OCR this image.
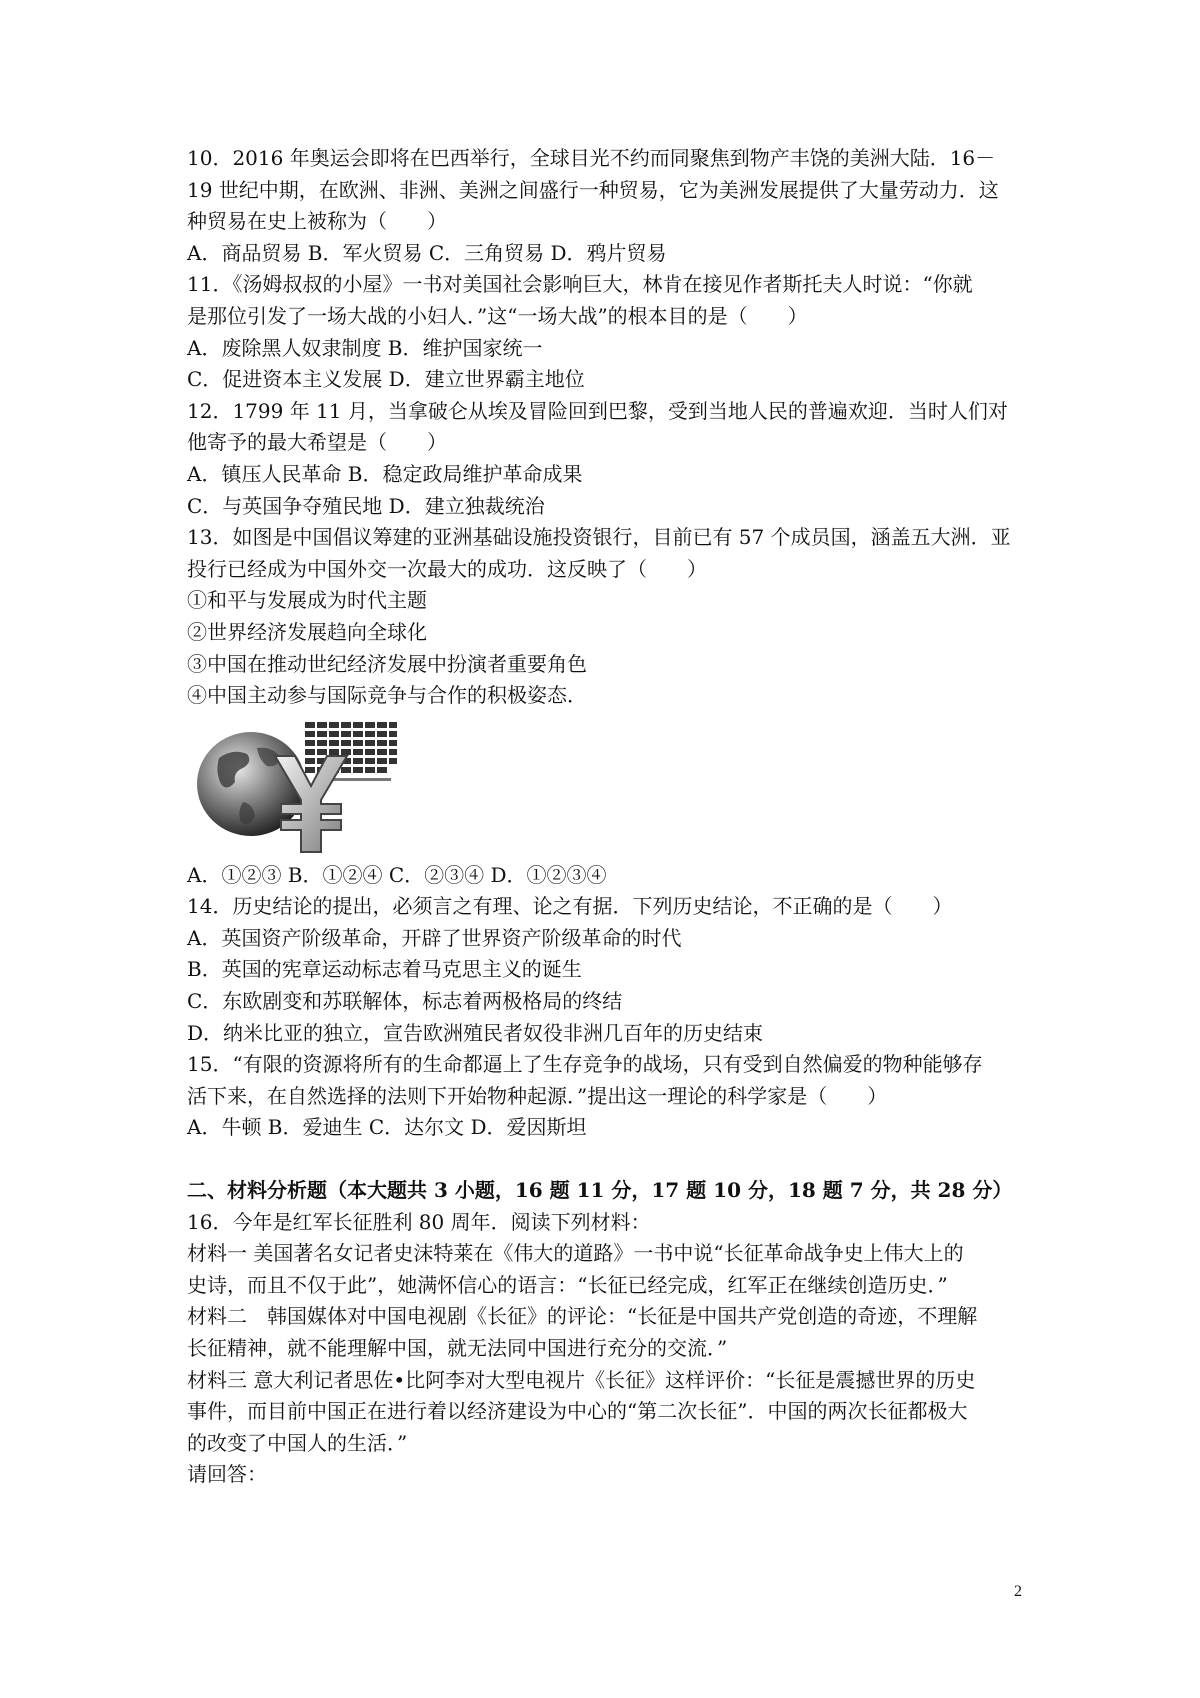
10．2016 年奥运会即将在巴西举行，全球目光不约而同聚焦到物产丰饶的美洲大陆．16－
19 世纪中期，在欧洲、非洲、美洲之间盛行一种贸易，它为美洲发展提供了大量劳动力．这
种贸易在史上被称为（　　）
A．商品贸易 B．军火贸易 C．三角贸易 D．鸦片贸易
11．《汤姆叔叔的小屋》一书对美国社会影响巨大，林肯在接见作者斯托夫人时说：“你就
是那位引发了一场大战的小妇人．”这“一场大战”的根本目的是（　　）
A．废除黑人奴隶制度 B．维护国家统一
C．促进资本主义发展 D．建立世界霸主地位
12．1799 年 11 月，当拿破仑从埃及冒险回到巴黎，受到当地人民的普遍欢迎．当时人们对
他寄予的最大希望是（　　）
A．镇压人民革命 B．稳定政局维护革命成果
C．与英国争夺殖民地 D．建立独裁统治
13．如图是中国倡议筹建的亚洲基础设施投资银行，目前已有 57 个成员国，涵盖五大洲．亚
投行已经成为中国外交一次最大的成功．这反映了（　　）
①和平与发展成为时代主题
②世界经济发展趋向全球化
③中国在推动世纪经济发展中扮演者重要角色
④中国主动参与国际竞争与合作的积极姿态．
A．①②③ B．①②④ C．②③④ D．①②③④
14．历史结论的提出，必须言之有理、论之有据．下列历史结论，不正确的是（　　）
A．英国资产阶级革命，开辟了世界资产阶级革命的时代
B．英国的宪章运动标志着马克思主义的诞生
C．东欧剧变和苏联解体，标志着两极格局的终结
D．纳米比亚的独立，宣告欧洲殖民者奴役非洲几百年的历史结束
15．“有限的资源将所有的生命都逼上了生存竞争的战场，只有受到自然偏爱的物种能够存
活下来，在自然选择的法则下开始物种起源．”提出这一理论的科学家是（　　）
A．牛顿 B．爱迪生 C．达尔文 D．爱因斯坦
二、材料分析题（本大题共 3 小题，16 题 11 分，17 题 10 分，18 题 7 分，共 28 分）
16．今年是红军长征胜利 80 周年．阅读下列材料：
材料一 美国著名女记者史沫特莱在《伟大的道路》一书中说“长征革命战争史上伟大上的
史诗，而且不仅于此”，她满怀信心的语言：“长征已经完成，红军正在继续创造历史．”
材料二　韩国媒体对中国电视剧《长征》的评论：“长征是中国共产党创造的奇迹，不理解
长征精神，就不能理解中国，就无法同中国进行充分的交流．”
材料三 意大利记者思佐•比阿李对大型电视片《长征》这样评价：“长征是震撼世界的历史
事件，而目前中国正在进行着以经济建设为中心的“第二次长征”．中国的两次长征都极大
的改变了中国人的生活．”
请回答：
2
